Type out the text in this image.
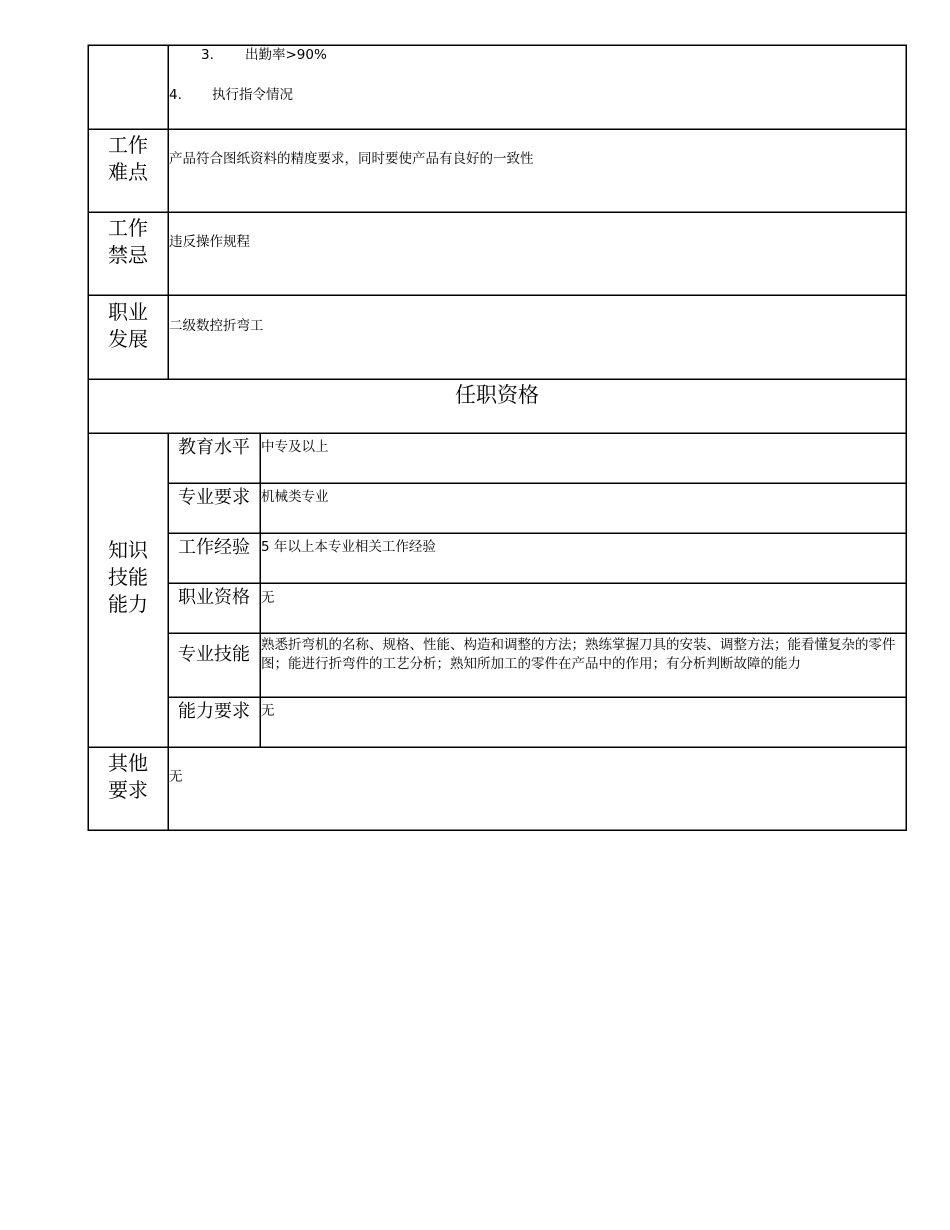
3. 出勤率>90%
4. 执行指令情况
工作
难点
产品符合图纸资料的精度要求，同时要使产品有良好的一致性
工作
禁忌
违反操作规程
职业
发展
二级数控折弯工
任职资格
知识
技能
能力
教育水平 中专及以上
专业要求 机械类专业
工作经验 5 年以上本专业相关工作经验
职业资格 无
专业技能 熟悉折弯机的名称、规格、性能、构造和调整的方法；熟练掌握刀具的安装、调整方法；能看懂复杂的零件图；能进行折弯件的工艺分析；熟知所加工的零件在产品中的作用；有分析判断故障的能力
能力要求 无
其他
要求
无
